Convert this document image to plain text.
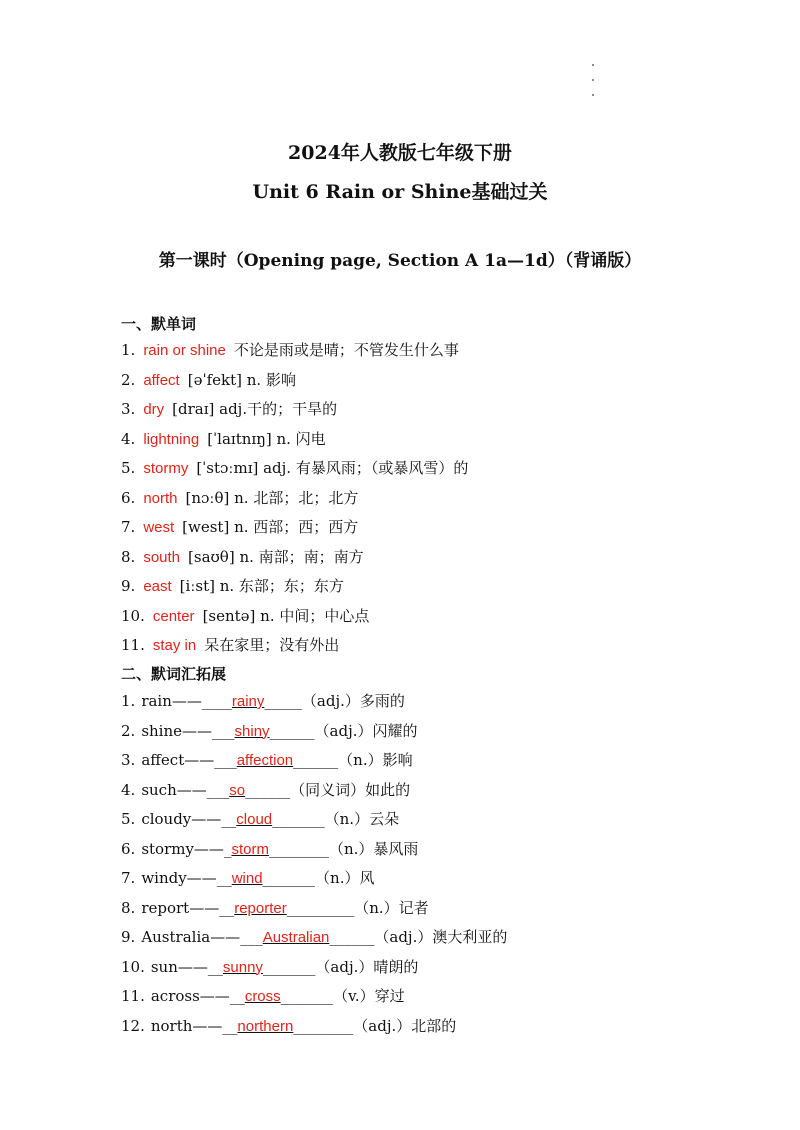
2024年人教版七年级下册
Unit 6 Rain or Shine基础过关
第一课时（Opening page, Section A 1a—1d）（背诵版）
一、默单词
1. rain or shine 不论是雨或是晴；不管发生什么事
2. affect [əˈfekt] n. 影响
3. dry [draɪ] adj.干的；干旱的
4. lightning [ˈlaɪtnɪŋ] n. 闪电
5. stormy [ˈstɔːmɪ] adj. 有暴风雨；（或暴风雪）的
6. north [nɔːθ] n. 北部；北；北方
7. west [west] n. 西部；西；西方
8. south [saʊθ] n. 南部；南；南方
9. east [iːst] n. 东部；东；东方
10. center [sentə] n. 中间；中心点
11. stay in 呆在家里；没有外出
二、默词汇拓展
1. rain——____rainy_____（adj.）多雨的
2. shine——___shiny______（adj.）闪耀的
3. affect——___affection______（n.）影响
4. such——___so______（同义词）如此的
5. cloudy——__cloud_______（n.）云朵
6. stormy——_storm________（n.）暴风雨
7. windy——__wind_______（n.）风
8. report——__reporter_________（n.）记者
9. Australia——___Australian______（adj.）澳大利亚的
10. sun——__sunny_______（adj.）晴朗的
11. across——__cross_______（v.）穿过
12. north——__northern________（adj.）北部的
